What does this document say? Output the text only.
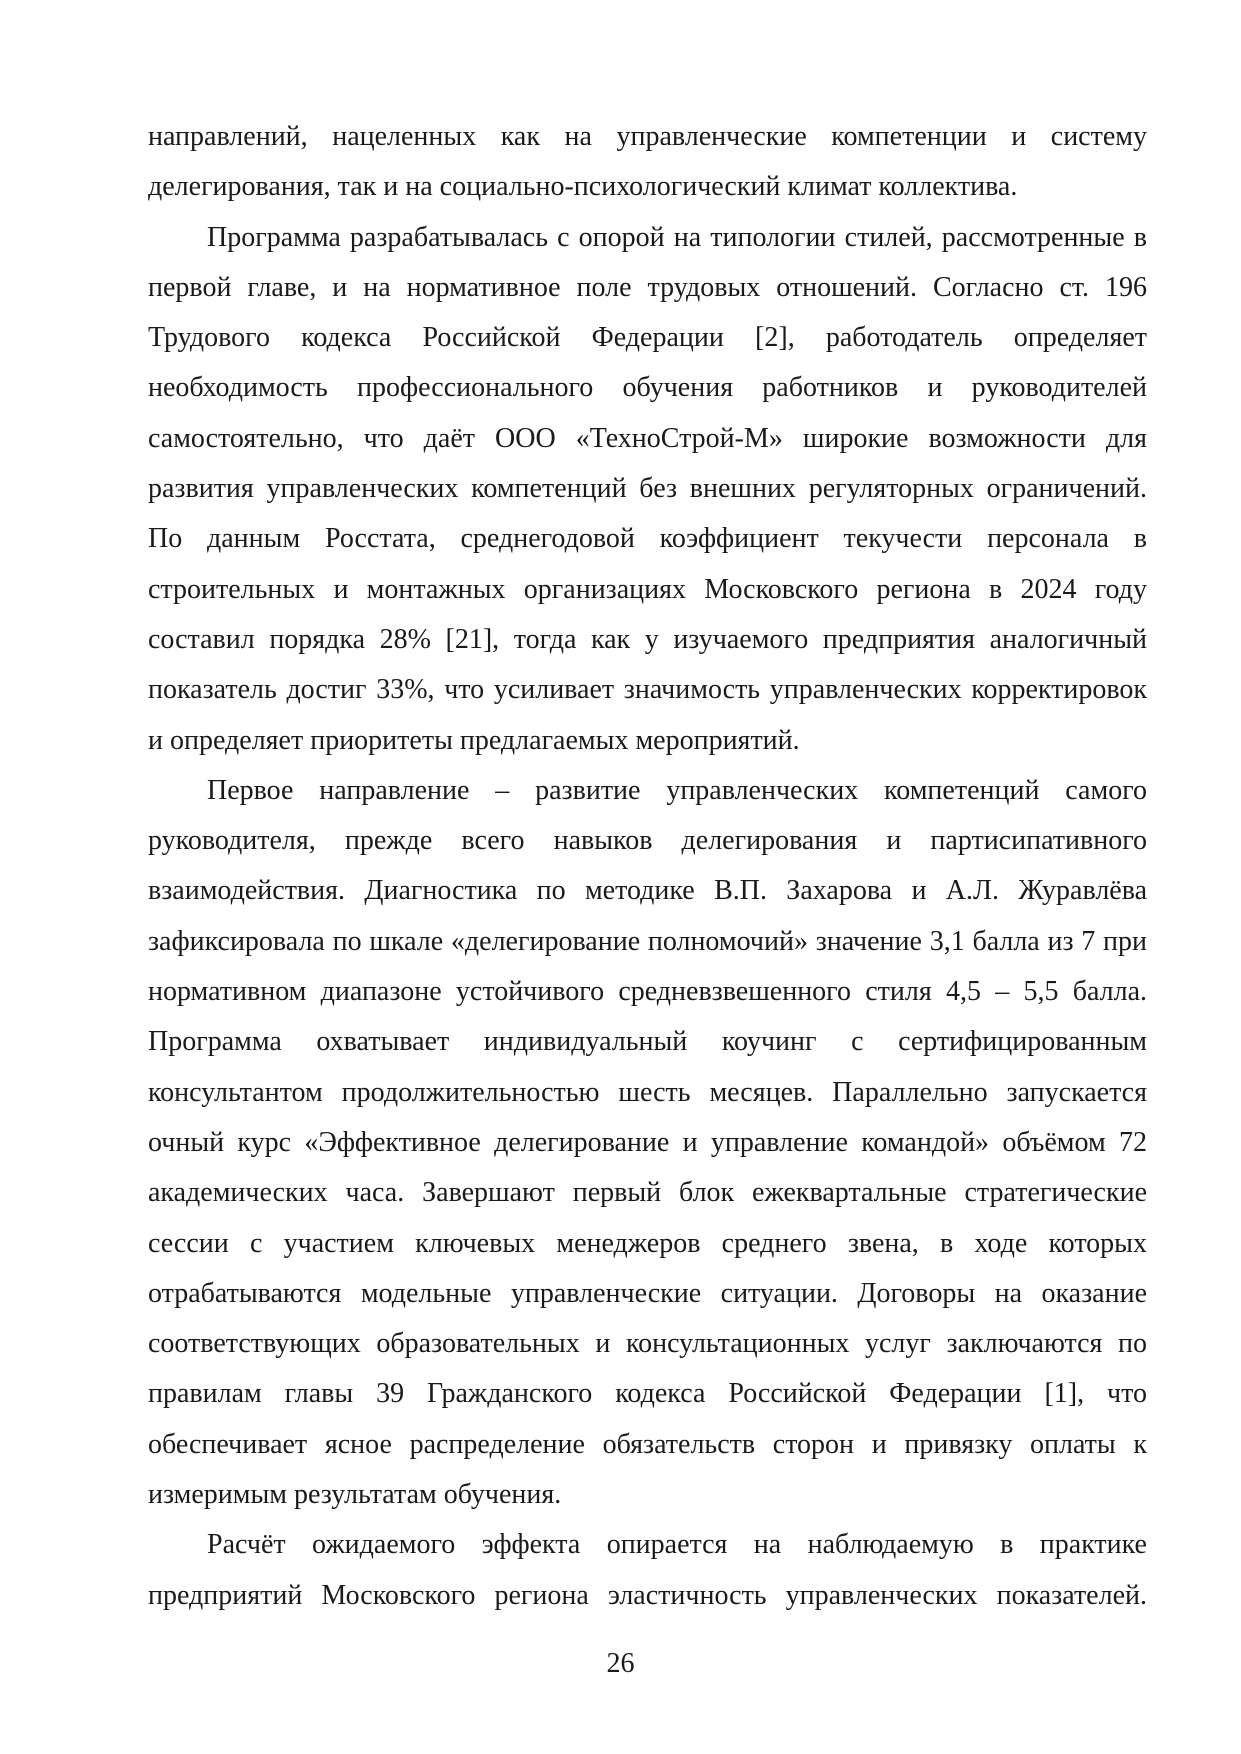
направлений, нацеленных как на управленческие компетенции и систему делегирования, так и на социально-психологический климат коллектива.

Программа разрабатывалась с опорой на типологии стилей, рассмотренные в первой главе, и на нормативное поле трудовых отношений. Согласно ст. 196 Трудового кодекса Российской Федерации [2], работодатель определяет необходимость профессионального обучения работников и руководителей самостоятельно, что даёт ООО «ТехноСтрой-М» широкие возможности для развития управленческих компетенций без внешних регуляторных ограничений. По данным Росстата, среднегодовой коэффициент текучести персонала в строительных и монтажных организациях Московского региона в 2024 году составил порядка 28% [21], тогда как у изучаемого предприятия аналогичный показатель достиг 33%, что усиливает значимость управленческих корректировок и определяет приоритеты предлагаемых мероприятий.

Первое направление – развитие управленческих компетенций самого руководителя, прежде всего навыков делегирования и партисипативного взаимодействия. Диагностика по методике В.П. Захарова и А.Л. Журавлёва зафиксировала по шкале «делегирование полномочий» значение 3,1 балла из 7 при нормативном диапазоне устойчивого средневзвешенного стиля 4,5 – 5,5 балла. Программа охватывает индивидуальный коучинг с сертифицированным консультантом продолжительностью шесть месяцев. Параллельно запускается очный курс «Эффективное делегирование и управление командой» объёмом 72 академических часа. Завершают первый блок ежеквартальные стратегические сессии с участием ключевых менеджеров среднего звена, в ходе которых отрабатываются модельные управленческие ситуации. Договоры на оказание соответствующих образовательных и консультационных услуг заключаются по правилам главы 39 Гражданского кодекса Российской Федерации [1], что обеспечивает ясное распределение обязательств сторон и привязку оплаты к измеримым результатам обучения.

Расчёт ожидаемого эффекта опирается на наблюдаемую в практике предприятий Московского региона эластичность управленческих показателей.

26
